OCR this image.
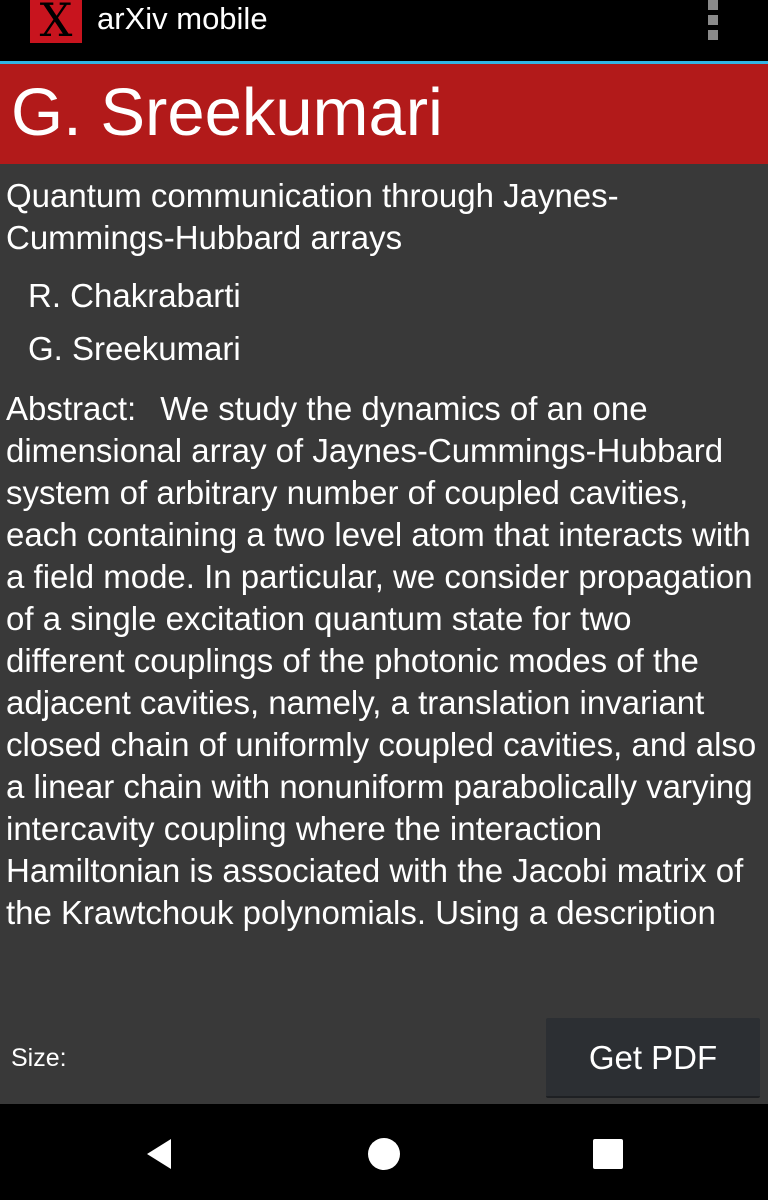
X arXiv mobile
G. Sreekumari
Quantum communication through Jaynes-Cummings-Hubbard arrays
R. Chakrabarti
G. Sreekumari
Abstract: We study the dynamics of an one dimensional array of Jaynes-Cummings-Hubbard system of arbitrary number of coupled cavities, each containing a two level atom that interacts with a field mode. In particular, we consider propagation of a single excitation quantum state for two different couplings of the photonic modes of the adjacent cavities, namely, a translation invariant closed chain of uniformly coupled cavities, and also a linear chain with nonuniform parabolically varying intercavity coupling where the interaction Hamiltonian is associated with the Jacobi matrix of the Krawtchouk polynomials. Using a description
Size:	Get PDF
